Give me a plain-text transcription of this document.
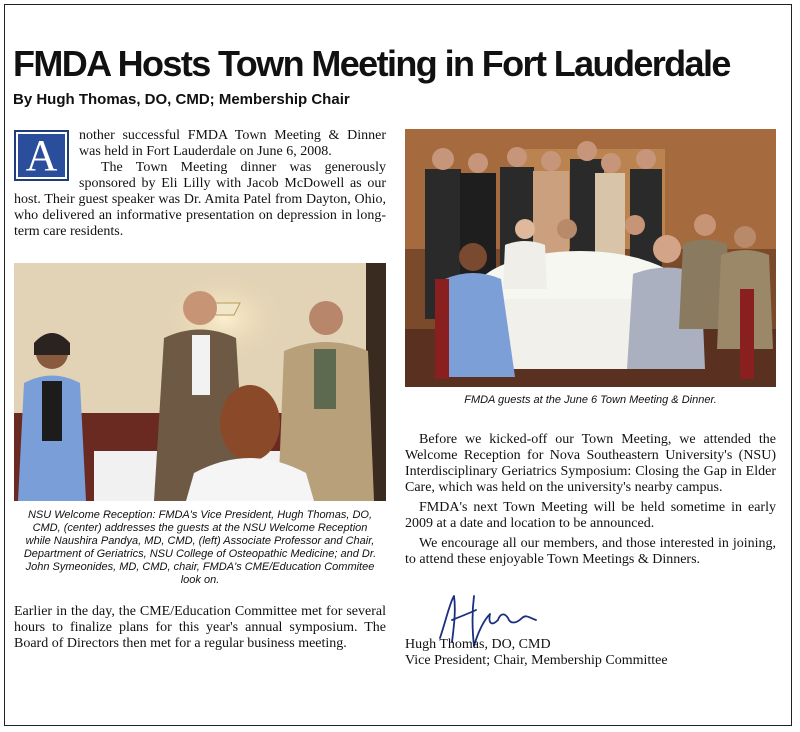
FMDA Hosts Town Meeting in Fort Lauderdale

By Hugh Thomas, DO, CMD; Membership Chair

A	nother successful FMDA Town Meeting & Dinner was held in Fort Lauderdale on June 6, 2008.

The Town Meeting dinner was generously sponsored by Eli Lilly with Jacob McDowell as our host. Their guest speaker was Dr. Amita Patel from Dayton, Ohio, who delivered an informative presentation on depression in long-term care residents.

NSU Welcome Reception: FMDA's Vice President, Hugh Thomas, DO, CMD, (center) addresses the guests at the NSU Welcome Reception while Naushira Pandya, MD, CMD, (left) Associate Professor and Chair, Department of Geriatrics, NSU College of Osteopathic Medicine; and Dr. John Symeonides, MD, CMD, chair, FMDA's CME/Education Commitee look on.

Earlier in the day, the CME/Education Committee met for several hours to finalize plans for this year's annual symposium. The Board of Directors then met for a regular business meeting.

FMDA guests at the June 6 Town Meeting & Dinner.

Before we kicked-off our Town Meeting, we attended the Welcome Reception for Nova Southeastern University's (NSU) Interdisciplinary Geriatrics Symposium: Closing the Gap in Elder Care, which was held on the university's nearby campus.

FMDA's next Town Meeting will be held sometime in early 2009 at a date and location to be announced.

We encourage all our members, and those interested in joining, to attend these enjoyable Town Meetings & Dinners.

Hugh Thomas, DO, CMD
Vice President; Chair, Membership Committee
